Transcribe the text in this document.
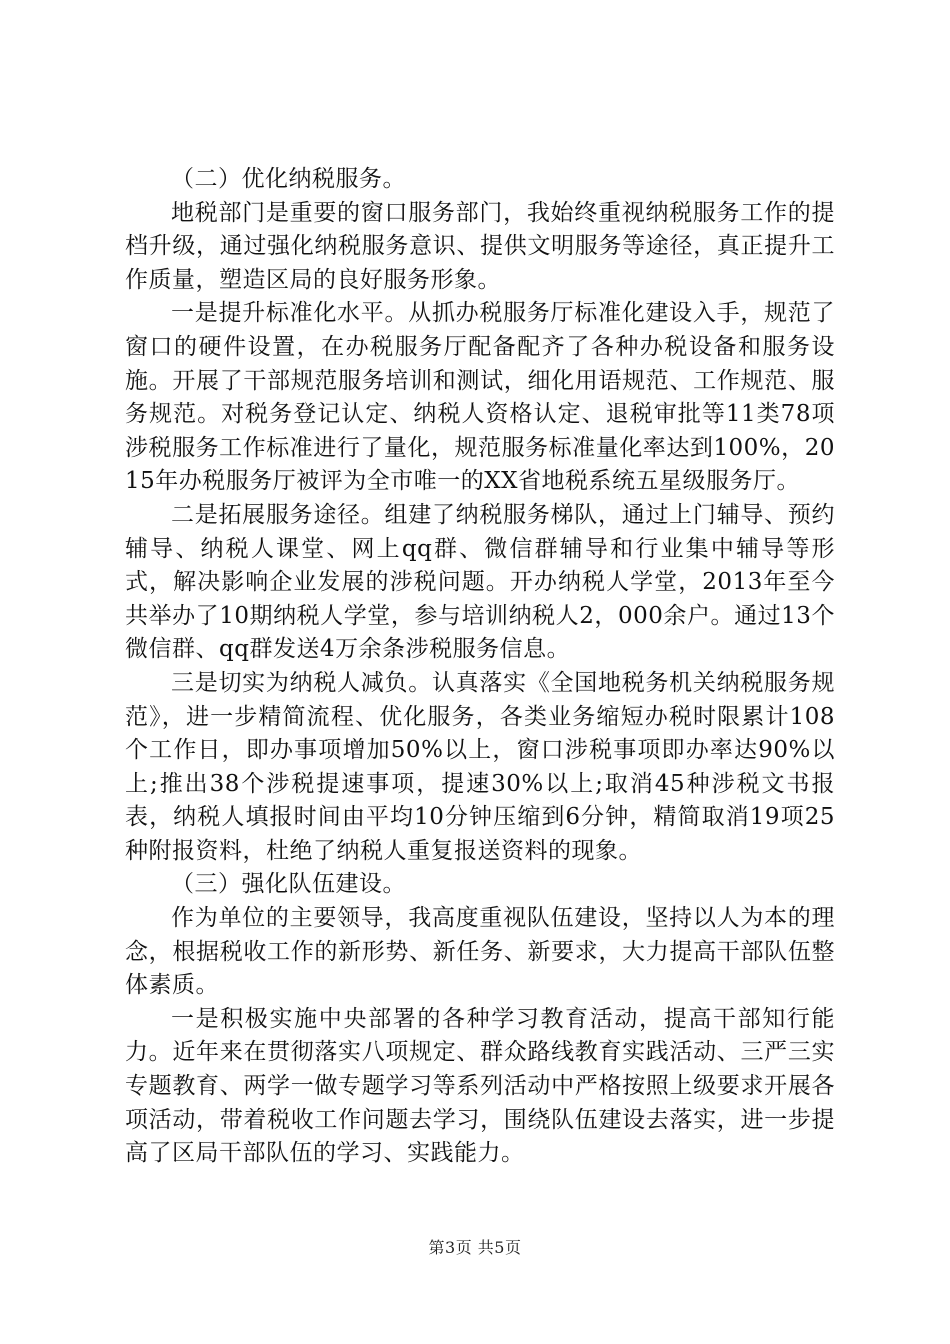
（二）优化纳税服务。

地税部门是重要的窗口服务部门，我始终重视纳税服务工作的提档升级，通过强化纳税服务意识、提供文明服务等途径，真正提升工作质量，塑造区局的良好服务形象。

一是提升标准化水平。从抓办税服务厅标准化建设入手，规范了窗口的硬件设置，在办税服务厅配备配齐了各种办税设备和服务设施。开展了干部规范服务培训和测试，细化用语规范、工作规范、服务规范。对税务登记认定、纳税人资格认定、退税审批等11类78项涉税服务工作标准进行了量化，规范服务标准量化率达到100%，2015年办税服务厅被评为全市唯一的XX省地税系统五星级服务厅。

二是拓展服务途径。组建了纳税服务梯队，通过上门辅导、预约辅导、纳税人课堂、网上qq群、微信群辅导和行业集中辅导等形式，解决影响企业发展的涉税问题。开办纳税人学堂，2013年至今共举办了10期纳税人学堂，参与培训纳税人2，000余户。通过13个微信群、qq群发送4万余条涉税服务信息。

三是切实为纳税人减负。认真落实《全国地税务机关纳税服务规范》，进一步精简流程、优化服务，各类业务缩短办税时限累计108个工作日，即办事项增加50%以上，窗口涉税事项即办率达90%以上;推出38个涉税提速事项，提速30%以上;取消45种涉税文书报表，纳税人填报时间由平均10分钟压缩到6分钟，精简取消19项25种附报资料，杜绝了纳税人重复报送资料的现象。

（三）强化队伍建设。

作为单位的主要领导，我高度重视队伍建设，坚持以人为本的理念，根据税收工作的新形势、新任务、新要求，大力提高干部队伍整体素质。

一是积极实施中央部署的各种学习教育活动，提高干部知行能力。近年来在贯彻落实八项规定、群众路线教育实践活动、三严三实专题教育、两学一做专题学习等系列活动中严格按照上级要求开展各项活动，带着税收工作问题去学习，围绕队伍建设去落实，进一步提高了区局干部队伍的学习、实践能力。

第3页 共5页
